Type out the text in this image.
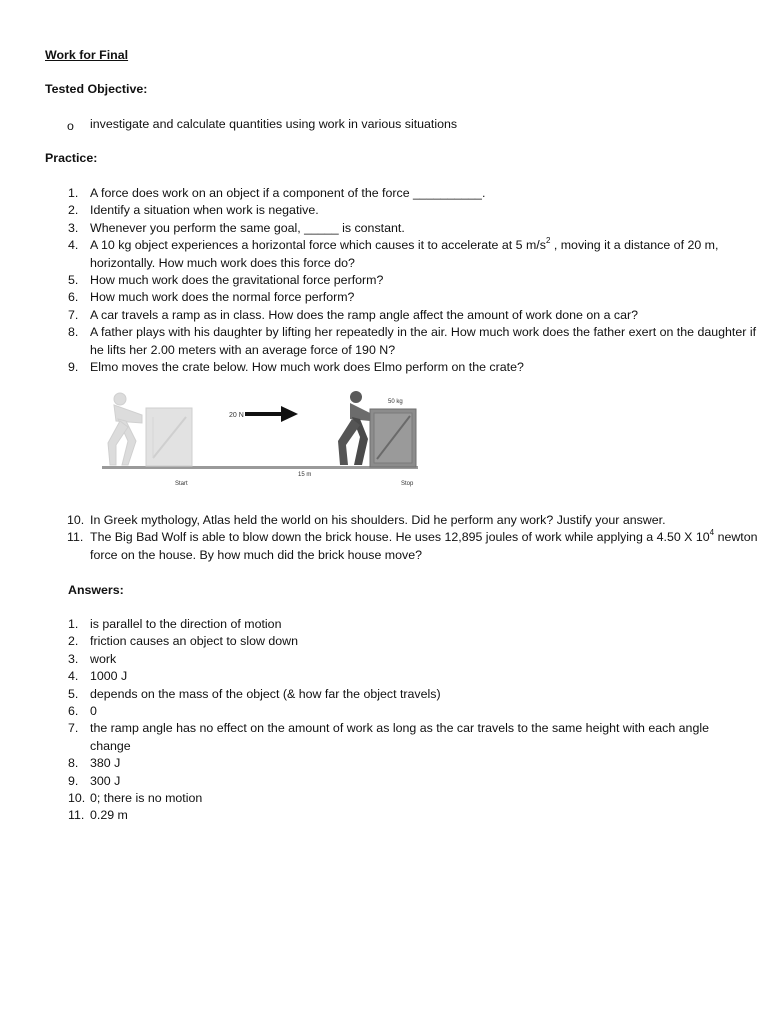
Work for Final
Tested Objective:
o investigate and calculate quantities using work in various situations
Practice:
1. A force does work on an object if a component of the force __________.
2. Identify a situation when work is negative.
3. Whenever you perform the same goal, _____ is constant.
4. A 10 kg object experiences a horizontal force which causes it to accelerate at 5 $m/s^2$ , moving it a distance of 20 m, horizontally. How much work does this force do?
5. How much work does the gravitational force perform?
6. How much work does the normal force perform?
7. A car travels a ramp as in class. How does the ramp angle affect the amount of work done on a car?
8. A father plays with his daughter by lifting her repeatedly in the air. How much work does the father exert on the daughter if he lifts her 2.00 meters with an average force of 190 N?
9. Elmo moves the crate below. How much work does Elmo perform on the crate?
20 N
50 kg
15 m
Start	Stop
10. In Greek mythology, Atlas held the world on his shoulders. Did he perform any work? Justify your answer.
11. The Big Bad Wolf is able to blow down the brick house. He uses 12,895 joules of work while applying a 4.50 X $10^4$ newton force on the house. By how much did the brick house move?
Answers:
1. is parallel to the direction of motion
2. friction causes an object to slow down
3. work
4. 1000 J
5. depends on the mass of the object (& how far the object travels)
6. 0
7. the ramp angle has no effect on the amount of work as long as the car travels to the same height with each angle change
8. 380 J
9. 300 J
10. 0; there is no motion
11. 0.29 m
